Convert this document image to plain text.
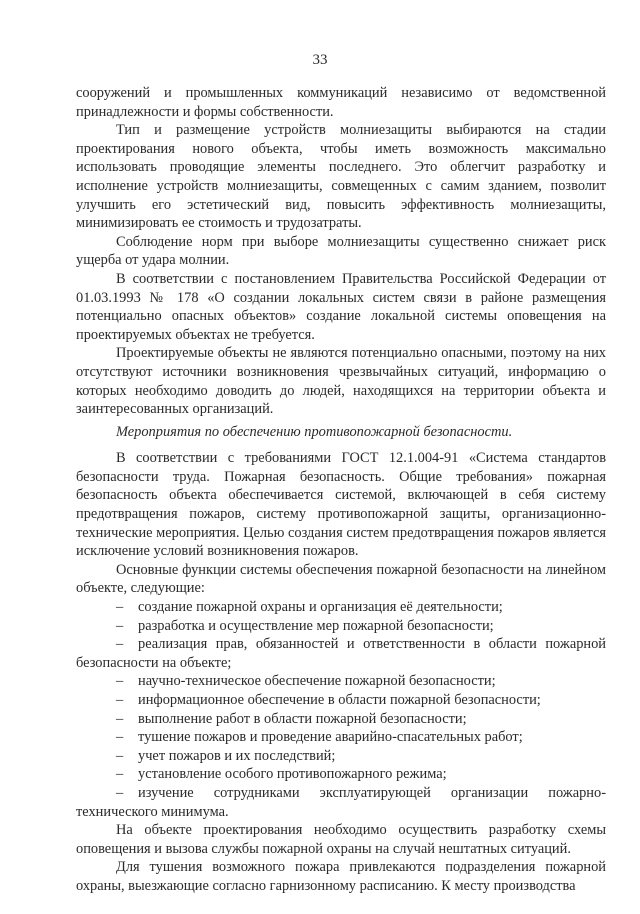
33

сооружений и промышленных коммуникаций независимо от ведомственной принадлежности и формы собственности.

Тип и размещение устройств молниезащиты выбираются на стадии проектирования нового объекта, чтобы иметь возможность максимально использовать проводящие элементы последнего. Это облегчит разработку и исполнение устройств молниезащиты, совмещенных с самим зданием, позволит улучшить его эстетический вид, повысить эффективность молниезащиты, минимизировать ее стоимость и трудозатраты.

Соблюдение норм при выборе молниезащиты существенно снижает риск ущерба от удара молнии.

В соответствии с постановлением Правительства Российской Федерации от 01.03.1993 № 178 «О создании локальных систем связи в районе размещения потенциально опасных объектов» создание локальной системы оповещения на проектируемых объектах не требуется.

Проектируемые объекты не являются потенциально опасными, поэтому на них отсутствуют источники возникновения чрезвычайных ситуаций, информацию о которых необходимо доводить до людей, находящихся на территории объекта и заинтересованных организаций.

Мероприятия по обеспечению противопожарной безопасности.

В соответствии с требованиями ГОСТ 12.1.004-91 «Система стандартов безопасности труда. Пожарная безопасность. Общие требования» пожарная безопасность объекта обеспечивается системой, включающей в себя систему предотвращения пожаров, систему противопожарной защиты, организационно-технические мероприятия. Целью создания систем предотвращения пожаров является исключение условий возникновения пожаров.

Основные функции системы обеспечения пожарной безопасности на линейном объекте, следующие:

– создание пожарной охраны и организация её деятельности;

– разработка и осуществление мер пожарной безопасности;

– реализация прав, обязанностей и ответственности в области пожарной безопасности на объекте;

– научно-техническое обеспечение пожарной безопасности;

– информационное обеспечение в области пожарной безопасности;

– выполнение работ в области пожарной безопасности;

– тушение пожаров и проведение аварийно-спасательных работ;

– учет пожаров и их последствий;

– установление особого противопожарного режима;

– изучение сотрудниками эксплуатирующей организации пожарно-технического минимума.

На объекте проектирования необходимо осуществить разработку схемы оповещения и вызова службы пожарной охраны на случай нештатных ситуаций.

Для тушения возможного пожара привлекаются подразделения пожарной охраны, выезжающие согласно гарнизонному расписанию. К месту производства
